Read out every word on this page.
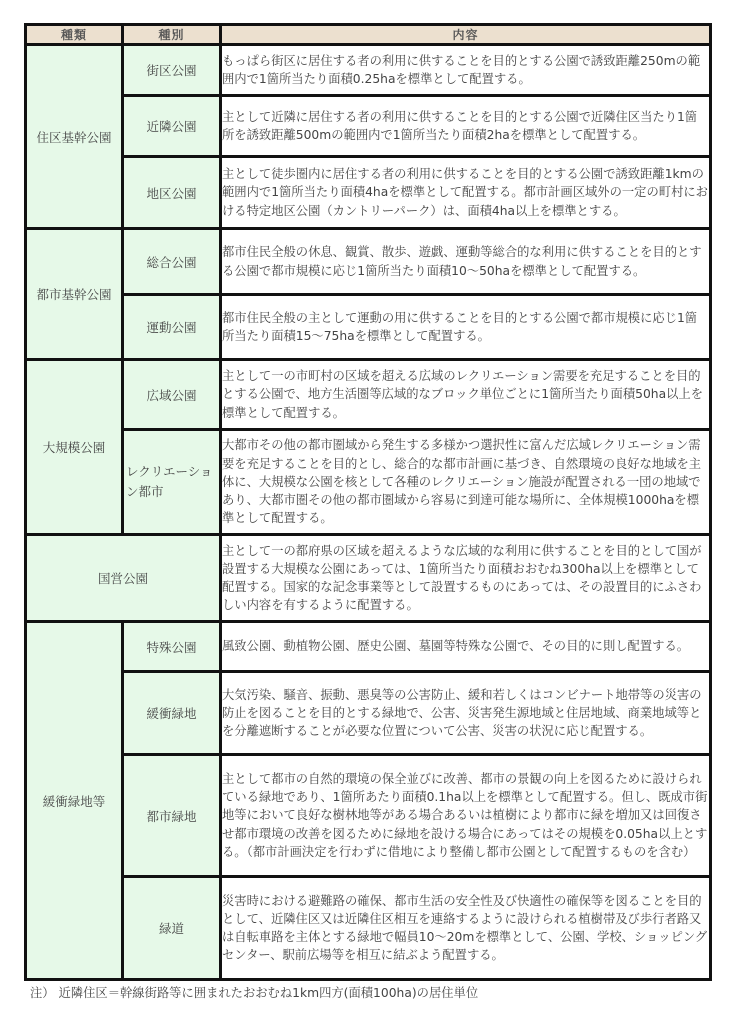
種類	種別	内容
住区基幹公園	街区公園	もっぱら街区に居住する者の利用に供することを目的とする公園で誘致距離250mの範囲内で1箇所当たり面積0.25haを標準として配置する。
	近隣公園	主として近隣に居住する者の利用に供することを目的とする公園で近隣住区当たり1箇所を誘致距離500mの範囲内で1箇所当たり面積2haを標準として配置する。
	地区公園	主として徒歩圏内に居住する者の利用に供することを目的とする公園で誘致距離1kmの範囲内で1箇所当たり面積4haを標準として配置する。都市計画区域外の一定の町村における特定地区公園（カントリーパーク）は、面積4ha以上を標準とする。
都市基幹公園	総合公園	都市住民全般の休息、観賞、散歩、遊戯、運動等総合的な利用に供することを目的とする公園で都市規模に応じ1箇所当たり面積10～50haを標準として配置する。
	運動公園	都市住民全般の主として運動の用に供することを目的とする公園で都市規模に応じ1箇所当たり面積15～75haを標準として配置する。
大規模公園	広域公園	主として一の市町村の区域を超える広域のレクリエーション需要を充足することを目的とする公園で、地方生活圏等広域的なブロック単位ごとに1箇所当たり面積50ha以上を標準として配置する。
	レクリエーション都市	大都市その他の都市圏域から発生する多様かつ選択性に富んだ広域レクリエーション需要を充足することを目的とし、総合的な都市計画に基づき、自然環境の良好な地域を主体に、大規模な公園を核として各種のレクリエーション施設が配置される一団の地域であり、大都市圏その他の都市圏域から容易に到達可能な場所に、全体規模1000haを標準として配置する。
国営公園		主として一の都府県の区域を超えるような広域的な利用に供することを目的として国が設置する大規模な公園にあっては、1箇所当たり面積おおむね300ha以上を標準として配置する。国家的な記念事業等として設置するものにあっては、その設置目的にふさわしい内容を有するように配置する。
緩衝緑地等	特殊公園	風致公園、動植物公園、歴史公園、墓園等特殊な公園で、その目的に則し配置する。
	緩衝緑地	大気汚染、騒音、振動、悪臭等の公害防止、緩和若しくはコンビナート地帯等の災害の防止を図ることを目的とする緑地で、公害、災害発生源地域と住居地域、商業地域等とを分離遮断することが必要な位置について公害、災害の状況に応じ配置する。
	都市緑地	主として都市の自然的環境の保全並びに改善、都市の景観の向上を図るために設けられている緑地であり、1箇所あたり面積0.1ha以上を標準として配置する。但し、既成市街地等において良好な樹林地等がある場合あるいは植樹により都市に緑を増加又は回復させ都市環境の改善を図るために緑地を設ける場合にあってはその規模を0.05ha以上とする。（都市計画決定を行わずに借地により整備し都市公園として配置するものを含む）
	緑道	災害時における避難路の確保、都市生活の安全性及び快適性の確保等を図ることを目的として、近隣住区又は近隣住区相互を連絡するように設けられる植樹帯及び歩行者路又は自転車路を主体とする緑地で幅員10～20mを標準として、公園、学校、ショッピングセンター、駅前広場等を相互に結ぶよう配置する。
注） 近隣住区＝幹線街路等に囲まれたおおむね1km四方(面積100ha)の居住単位
